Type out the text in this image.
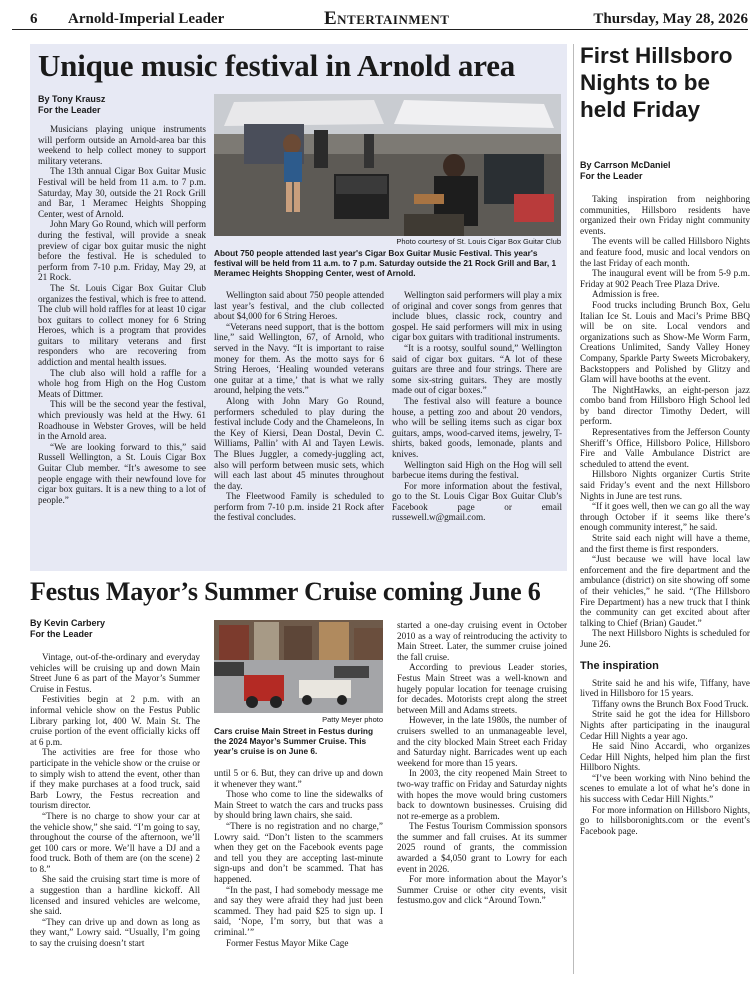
6 Arnold-Imperial Leader	Entertainment	Thursday, May 28, 2026
Unique music festival in Arnold area
By Tony Krausz
For the Leader

Musicians playing unique instruments will perform outside an Arnold-area bar this weekend to help collect money to support military veterans.

The 13th annual Cigar Box Guitar Music Festival will be held from 11 a.m. to 7 p.m. Saturday, May 30, outside the 21 Rock Grill and Bar, 1 Meramec Heights Shopping Center, west of Arnold.

John Mary Go Round, which will perform during the festival, will provide a sneak preview of cigar box guitar music the night before the festival. He is scheduled to perform from 7-10 p.m. Friday, May 29, at 21 Rock.

The St. Louis Cigar Box Guitar Club organizes the festival, which is free to attend. The club will hold raffles for at least 10 cigar box guitars to collect money for 6 String Heroes, which is a program that provides guitars to military veterans and first responders who are recovering from addiction and mental health issues.

The club also will hold a raffle for a whole hog from High on the Hog Custom Meats of Dittmer.

This will be the second year the festival, which previously was held at the Hwy. 61 Roadhouse in Webster Groves, will be held in the Arnold area.

“We are looking forward to this,” said Russell Wellington, a St. Louis Cigar Box Guitar Club member. “It’s awesome to see people engage with their newfound love for cigar box guitars. It is a new thing to a lot of people.”

Photo courtesy of St. Louis Cigar Box Guitar Club
About 750 people attended last year's Cigar Box Guitar Music Festival. This year's festival will be held from 11 a.m. to 7 p.m. Saturday outside the 21 Rock Grill and Bar, 1 Meramec Heights Shopping Center, west of Arnold.

Wellington said about 750 people attended last year’s festival, and the club collected about $4,000 for 6 String Heroes.

“Veterans need support, that is the bottom line,” said Wellington, 67, of Arnold, who served in the Navy. “It is important to raise money for them. As the motto says for 6 String Heroes, ‘Healing wounded veterans one guitar at a time,’ that is what we rally around, helping the vets.”

Along with John Mary Go Round, performers scheduled to play during the festival include Cody and the Chameleons, In the Key of Kiersi, Dean Dostal, Devin C. Williams, Pallin’ with Al and Tayen Lewis. The Blues Juggler, a comedy-juggling act, also will perform between music sets, which will each last about 45 minutes throughout the day.

The Fleetwood Family is scheduled to perform from 7-10 p.m. inside 21 Rock after the festival concludes.

Wellington said performers will play a mix of original and cover songs from genres that include blues, classic rock, country and gospel. He said performers will mix in using cigar box guitars with traditional instruments.

“It is a rootsy, soulful sound,” Wellington said of cigar box guitars. “A lot of these guitars are three and four strings. There are some six-string guitars. They are mostly made out of cigar boxes.”

The festival also will feature a bounce house, a petting zoo and about 20 vendors, who will be selling items such as cigar box guitars, amps, wood-carved items, jewelry, T-shirts, baked goods, lemonade, plants and knives.

Wellington said High on the Hog will sell barbecue items during the festival.

For more information about the festival, go to the St. Louis Cigar Box Guitar Club’s Facebook page or email russewell.w@gmail.com.

First Hillsboro Nights to be held Friday
By Carrson McDaniel
For the Leader

Taking inspiration from neighboring communities, Hillsboro residents have organized their own Friday night community events.

The events will be called Hillsboro Nights and feature food, music and local vendors on the last Friday of each month.

The inaugural event will be from 5-9 p.m. Friday at 902 Peach Tree Plaza Drive.

Admission is free.

Food trucks including Brunch Box, Gelu Italian Ice St. Louis and Maci’s Prime BBQ will be on site. Local vendors and organizations such as Show-Me Worm Farm, Creations Unlimited, Sandy Valley Honey Company, Sparkle Party Sweets Microbakery, Backstoppers and Polished by Glitzy and Glam will have booths at the event.

The NightHawks, an eight-person jazz combo band from Hillsboro High School led by band director Timothy Dedert, will perform.

Representatives from the Jefferson County Sheriff’s Office, Hillsboro Police, Hillsboro Fire and Valle Ambulance District are scheduled to attend the event.

Hillsboro Nights organizer Curtis Strite said Friday’s event and the next Hillsboro Nights in June are test runs.

“If it goes well, then we can go all the way through October if it seems like there’s enough community interest,” he said.

Strite said each night will have a theme, and the first theme is first responders.

“Just because we will have local law enforcement and the fire department and the ambulance (district) on site showing off some of their vehicles,” he said. “(The Hillsboro Fire Department) has a new truck that I think the community can get excited about after talking to Chief (Brian) Gaudet.”

The next Hillsboro Nights is scheduled for June 26.

The inspiration

Strite said he and his wife, Tiffany, have lived in Hillsboro for 15 years.

Tiffany owns the Brunch Box Food Truck.

Strite said he got the idea for Hillsboro Nights after participating in the inaugural Cedar Hill Nights a year ago.

He said Nino Accardi, who organizes Cedar Hill Nights, helped him plan the first Hillboro Nights.

“I’ve been working with Nino behind the scenes to emulate a lot of what he’s done in his success with Cedar Hill Nights.”

For more information on Hillsboro Nights, go to hillsboronights.com or the event’s Facebook page.

Festus Mayor’s Summer Cruise coming June 6
By Kevin Carbery
For the Leader

Vintage, out-of-the-ordinary and everyday vehicles will be cruising up and down Main Street June 6 as part of the Mayor’s Summer Cruise in Festus.

Festivities begin at 2 p.m. with an informal vehicle show on the Festus Public Library parking lot, 400 W. Main St. The cruise portion of the event officially kicks off at 6 p.m.

The activities are free for those who participate in the vehicle show or the cruise or to simply wish to attend the event, other than if they make purchases at a food truck, said Barb Lowry, the Festus recreation and tourism director.

“There is no charge to show your car at the vehicle show,” she said. “I’m going to say, throughout the course of the afternoon, we’ll get 100 cars or more. We’ll have a DJ and a food truck. Both of them are (on the scene) 2 to 8.”

She said the cruising start time is more of a suggestion than a hardline kickoff. All licensed and insured vehicles are welcome, she said.

“They can drive up and down as long as they want,” Lowry said. “Usually, I’m going to say the cruising doesn’t start

Patty Meyer photo
Cars cruise Main Street in Festus during the 2024 Mayor’s Summer Cruise. This year’s cruise is on June 6.

until 5 or 6. But, they can drive up and down it whenever they want.”

Those who come to line the sidewalks of Main Street to watch the cars and trucks pass by should bring lawn chairs, she said.

“There is no registration and no charge,” Lowry said. “Don’t listen to the scammers when they get on the Facebook events page and tell you they are accepting last-minute sign-ups and don’t be scammed. That has happened.

“In the past, I had somebody message me and say they were afraid they had just been scammed. They had paid $25 to sign up. I said, ‘Nope, I’m sorry, but that was a criminal.’”

Former Festus Mayor Mike Cage

started a one-day cruising event in October 2010 as a way of reintroducing the activity to Main Street. Later, the summer cruise joined the fall cruise.

According to previous Leader stories, Festus Main Street was a well-known and hugely popular location for teenage cruising for decades. Motorists crept along the street between Mill and Adams streets.

However, in the late 1980s, the number of cruisers swelled to an unmanageable level, and the city blocked Main Street each Friday and Saturday night. Barricades went up each weekend for more than 15 years.

In 2003, the city reopened Main Street to two-way traffic on Friday and Saturday nights with hopes the move would bring customers back to downtown businesses. Cruising did not re-emerge as a problem.

The Festus Tourism Commission sponsors the summer and fall cruises. At its summer 2025 round of grants, the commission awarded a $4,050 grant to Lowry for each event in 2026.

For more information about the Mayor’s Summer Cruise or other city events, visit festusmo.gov and click “Around Town.”
